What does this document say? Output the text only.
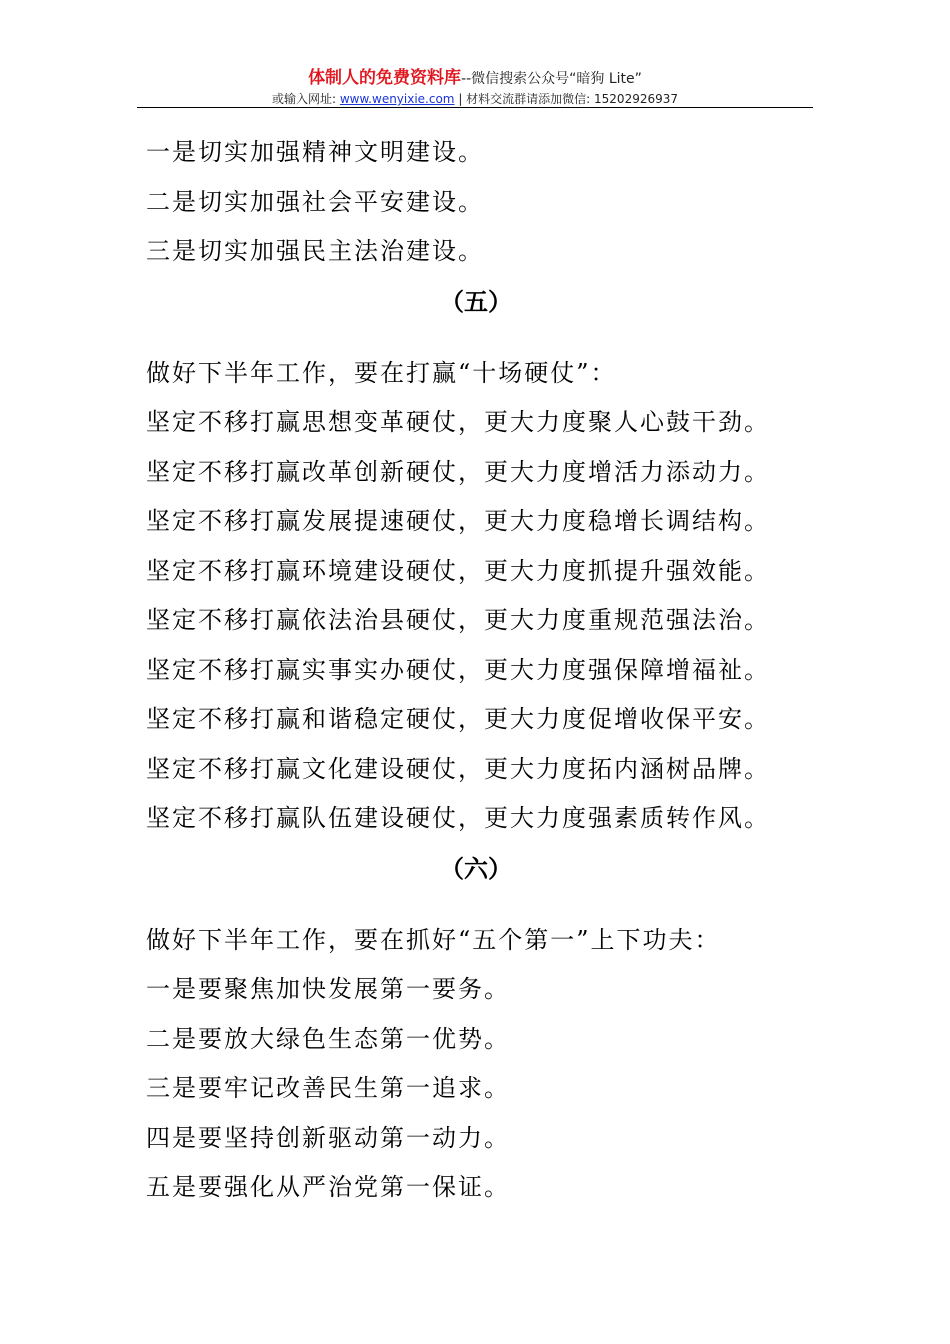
体制人的免费资料库--微信搜索公众号“暗狗 Lite”
或输入网址: www.wenyixie.com | 材料交流群请添加微信: 15202926937
一是切实加强精神文明建设。
二是切实加强社会平安建设。
三是切实加强民主法治建设。
（五）
做好下半年工作，要在打赢“十场硬仗”：
坚定不移打赢思想变革硬仗，更大力度聚人心鼓干劲。
坚定不移打赢改革创新硬仗，更大力度增活力添动力。
坚定不移打赢发展提速硬仗，更大力度稳增长调结构。
坚定不移打赢环境建设硬仗，更大力度抓提升强效能。
坚定不移打赢依法治县硬仗，更大力度重规范强法治。
坚定不移打赢实事实办硬仗，更大力度强保障增福祉。
坚定不移打赢和谐稳定硬仗，更大力度促增收保平安。
坚定不移打赢文化建设硬仗，更大力度拓内涵树品牌。
坚定不移打赢队伍建设硬仗，更大力度强素质转作风。
（六）
做好下半年工作，要在抓好“五个第一”上下功夫：
一是要聚焦加快发展第一要务。
二是要放大绿色生态第一优势。
三是要牢记改善民生第一追求。
四是要坚持创新驱动第一动力。
五是要强化从严治党第一保证。
